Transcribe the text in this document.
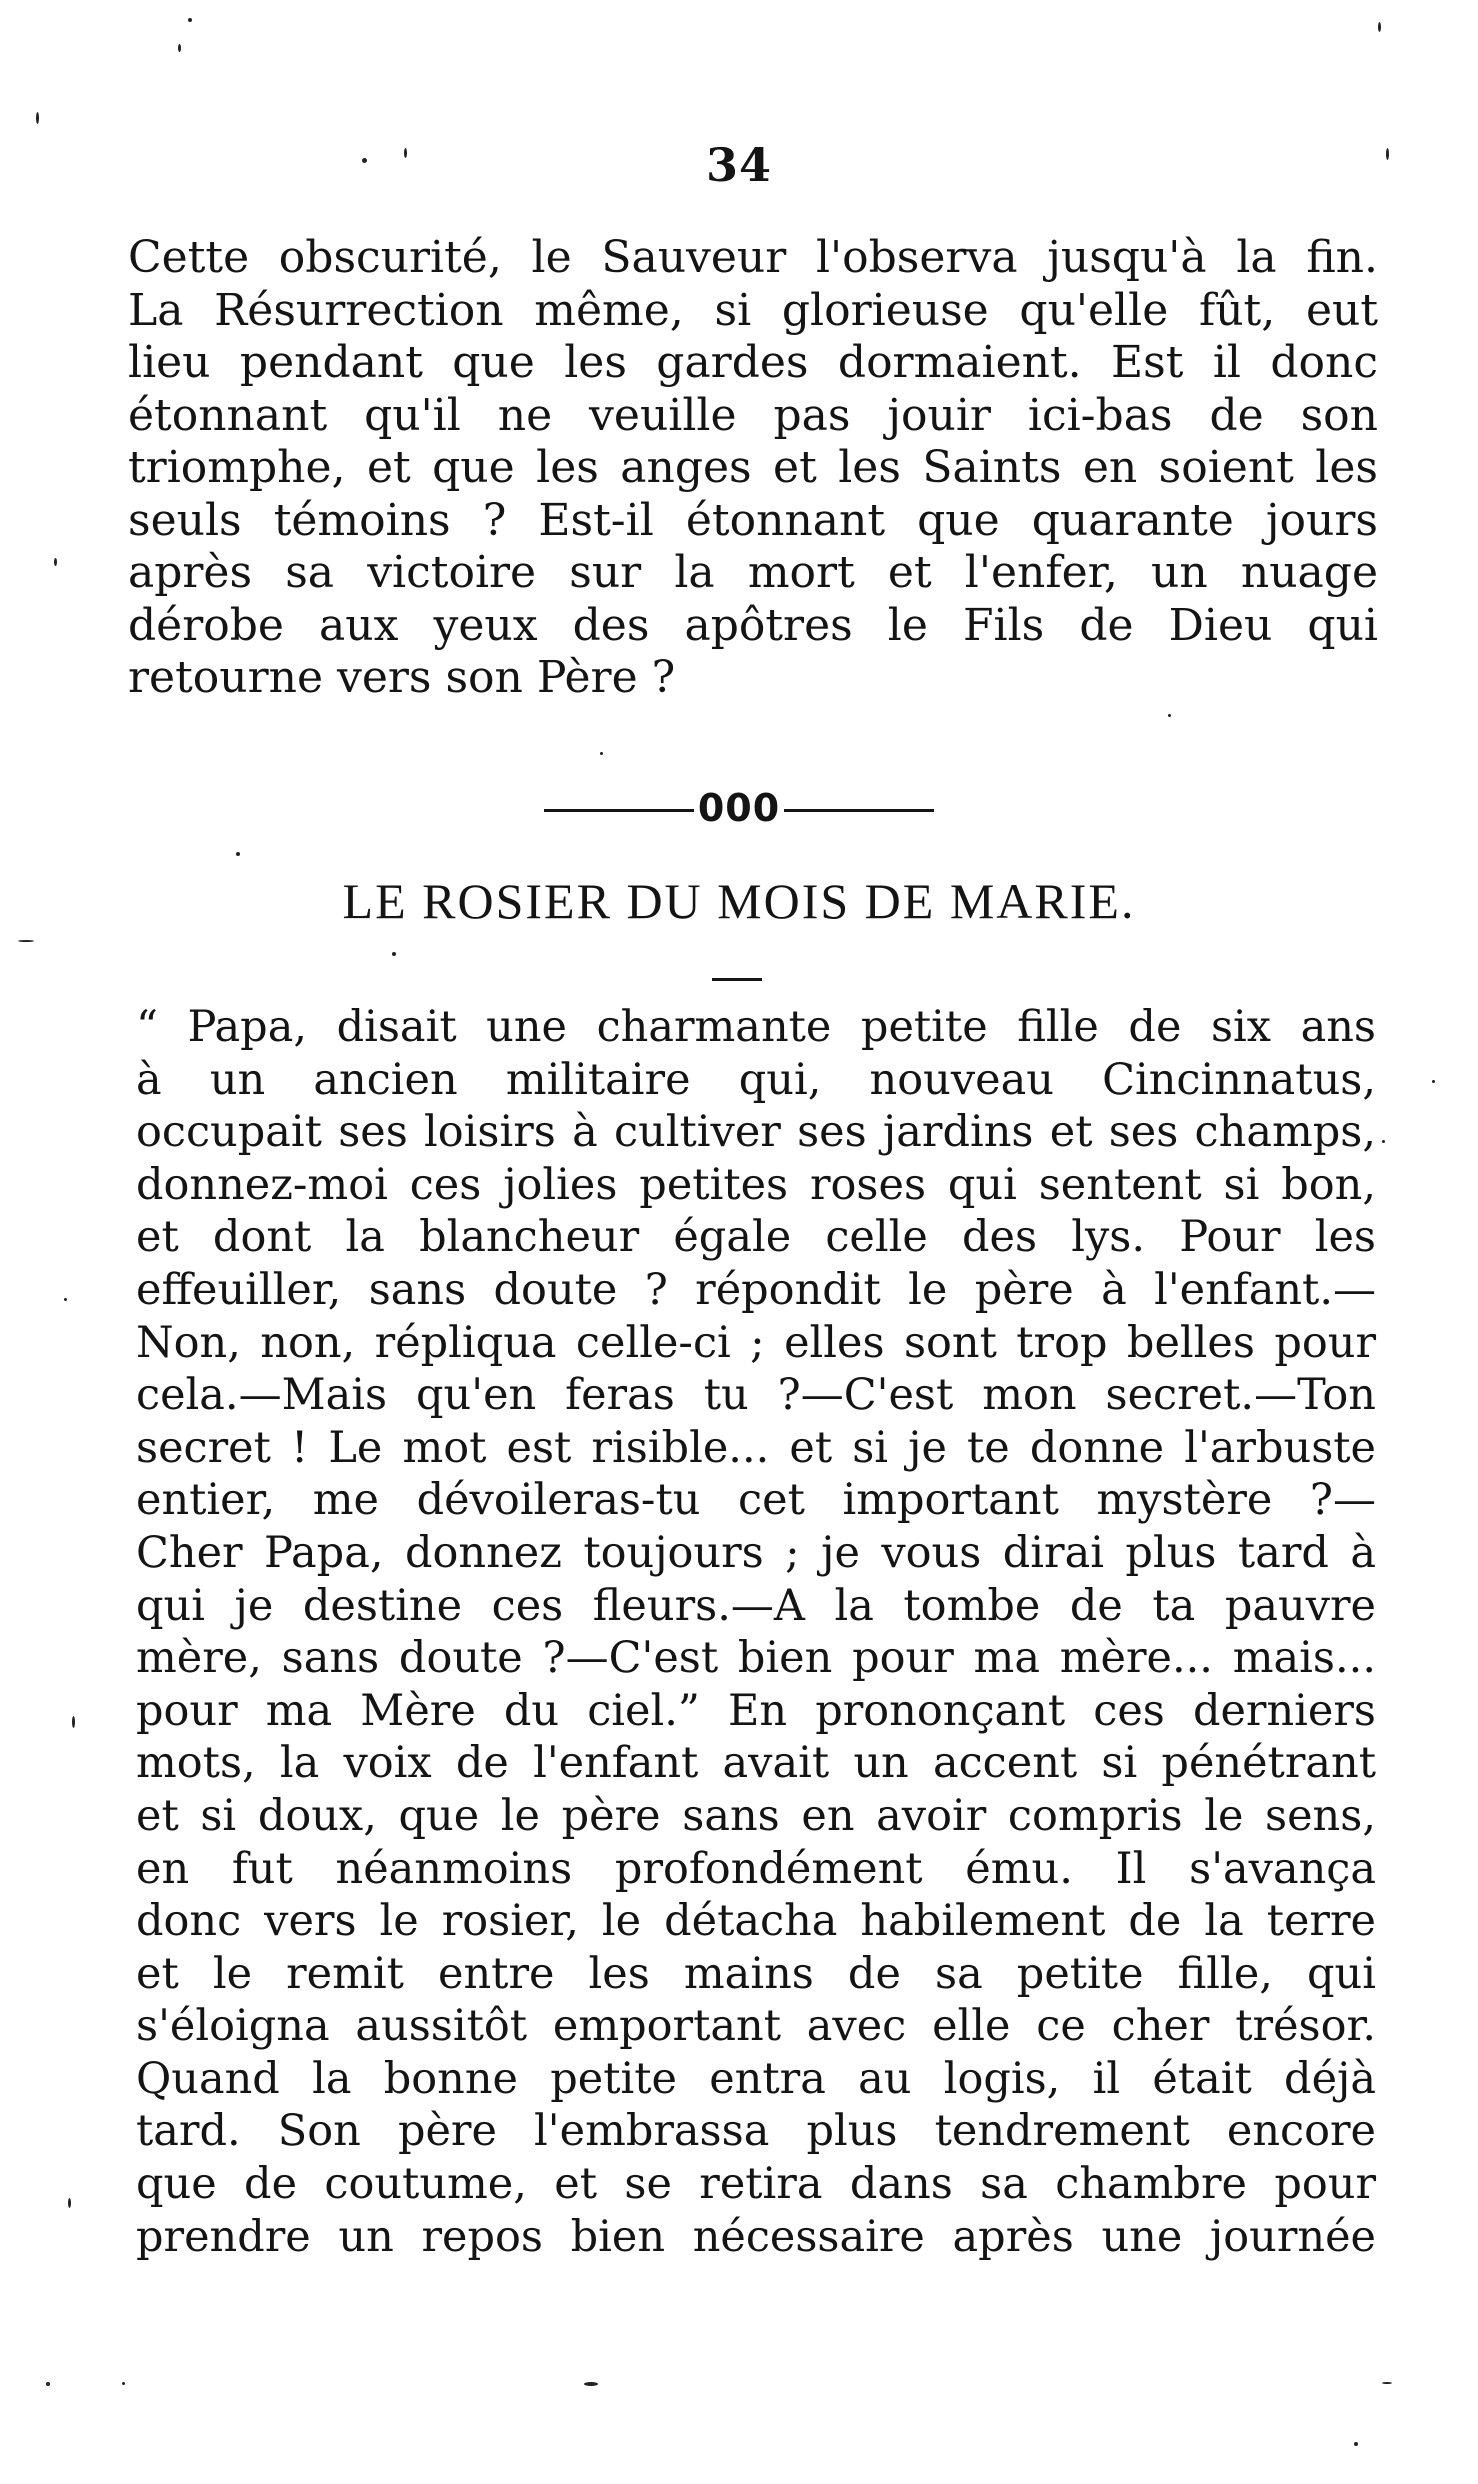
34
Cette obscurité, le Sauveur l'observa jusqu'à la fin.
La Résurrection même, si glorieuse qu'elle fût, eut
lieu pendant que les gardes dormaient. Est il donc
étonnant qu'il ne veuille pas jouir ici-bas de son
triomphe, et que les anges et les Saints en soient les
seuls témoins ? Est-il étonnant que quarante jours
après sa victoire sur la mort et l'enfer, un nuage
dérobe aux yeux des apôtres le Fils de Dieu qui
retourne vers son Père ?
000
LE ROSIER DU MOIS DE MARIE.
“ Papa, disait une charmante petite fille de six ans
à un ancien militaire qui, nouveau Cincinnatus,
occupait ses loisirs à cultiver ses jardins et ses champs,
donnez-moi ces jolies petites roses qui sentent si bon,
et dont la blancheur égale celle des lys. Pour les
effeuiller, sans doute ? répondit le père à l'enfant.—
Non, non, répliqua celle-ci ; elles sont trop belles pour
cela.—Mais qu'en feras tu ?—C'est mon secret.—Ton
secret ! Le mot est risible... et si je te donne l'arbuste
entier, me dévoileras-tu cet important mystère ?—
Cher Papa, donnez toujours ; je vous dirai plus tard à
qui je destine ces fleurs.—A la tombe de ta pauvre
mère, sans doute ?—C'est bien pour ma mère... mais...
pour ma Mère du ciel.” En prononçant ces derniers
mots, la voix de l'enfant avait un accent si pénétrant
et si doux, que le père sans en avoir compris le sens,
en fut néanmoins profondément ému. Il s'avança
donc vers le rosier, le détacha habilement de la terre
et le remit entre les mains de sa petite fille, qui
s'éloigna aussitôt emportant avec elle ce cher trésor.
Quand la bonne petite entra au logis, il était déjà
tard. Son père l'embrassa plus tendrement encore
que de coutume, et se retira dans sa chambre pour
prendre un repos bien nécessaire après une journée
